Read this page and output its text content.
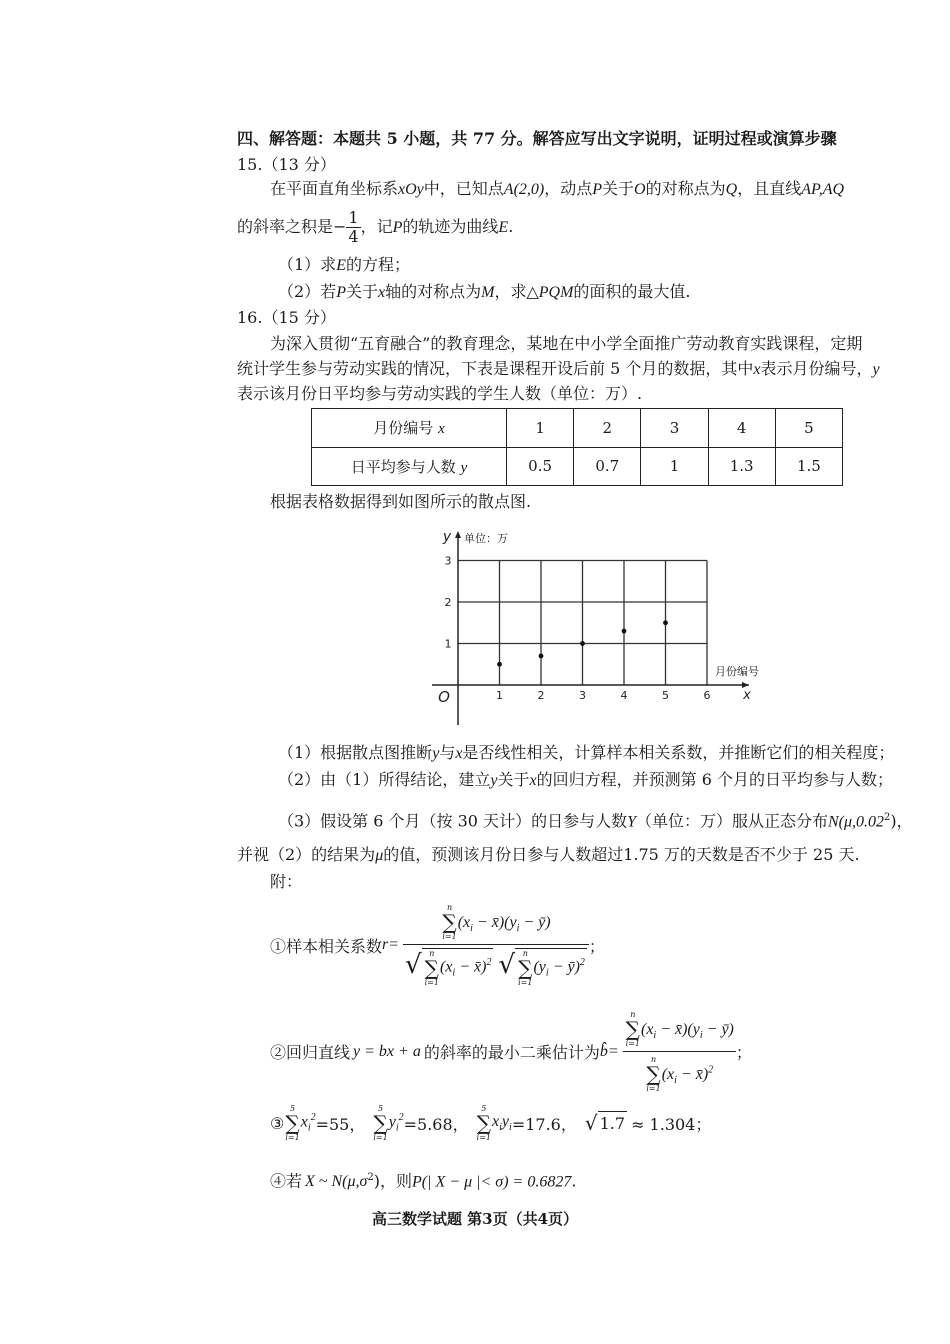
四、解答题：本题共 5 小题，共 77 分。解答应写出文字说明，证明过程或演算步骤
15.（13 分）
在平面直角坐标系xOy中，已知点A(2,0)，动点P关于O的对称点为Q，且直线AP,AQ
的斜率之积是− $\frac{1}{4}$ ，记P的轨迹为曲线E.
（1）求E的方程；
（2）若P关于x轴的对称点为M，求△PQM的面积的最大值.
16.（15 分）
为深入贯彻“五育融合”的教育理念，某地在中小学全面推广劳动教育实践课程，定期
统计学生参与劳动实践的情况，下表是课程开设后前 5 个月的数据，其中x表示月份编号，y
表示该月份日平均参与劳动实践的学生人数（单位：万）.
月份编号 x	1	2	3	4	5
日平均参与人数 y	0.5	0.7	1	1.3	1.5
根据表格数据得到如图所示的散点图.
1	2	3	4	5	6
1
2
3
O
y 单位：万
月份编号
x
（1）根据散点图推断y与x是否线性相关，计算样本相关系数，并推断它们的相关程度；
（2）由（1）所得结论，建立y关于x的回归方程，并预测第 6 个月的日平均参与人数；
（3）假设第 6 个月（按 30 天计）的日参与人数Y（单位：万）服从正态分布N(μ,0.02$^2$)，
并视（2）的结果为μ的值，预测该月份日参与人数超过1.75 万的天数是否不少于 25 天.
附：
①样本相关系数 r= n
∑
i=1
($x_i$ − $x̄)(y_i$ − ȳ)
√ n
∑
i=1
($x_i$ − x̄)$^2$
√ n
∑
i=1
($y_i$ − ȳ)$^2$ ；
②回归直线 y = bx + a 的斜率的最小二乘估计为 b̂= n
∑
i=1
($x_i$ − $x̄)(y_i$ − ȳ)
n
∑
i=1
($x_i$ − x̄)$^2$ ；
③
5
∑
i=1
$x_i^2 =55$，
5
∑
i=1
$y_i^2 =5.68$，
5
∑
i=1
$x_iy_i =17.6$， √ 1.7 ≈ 1.304；
④若 X ~ $N(\mu,\sigma^2)$，则P(| X − μ |< σ) = 0.6827.
高三数学试题 第3页（共4页）
